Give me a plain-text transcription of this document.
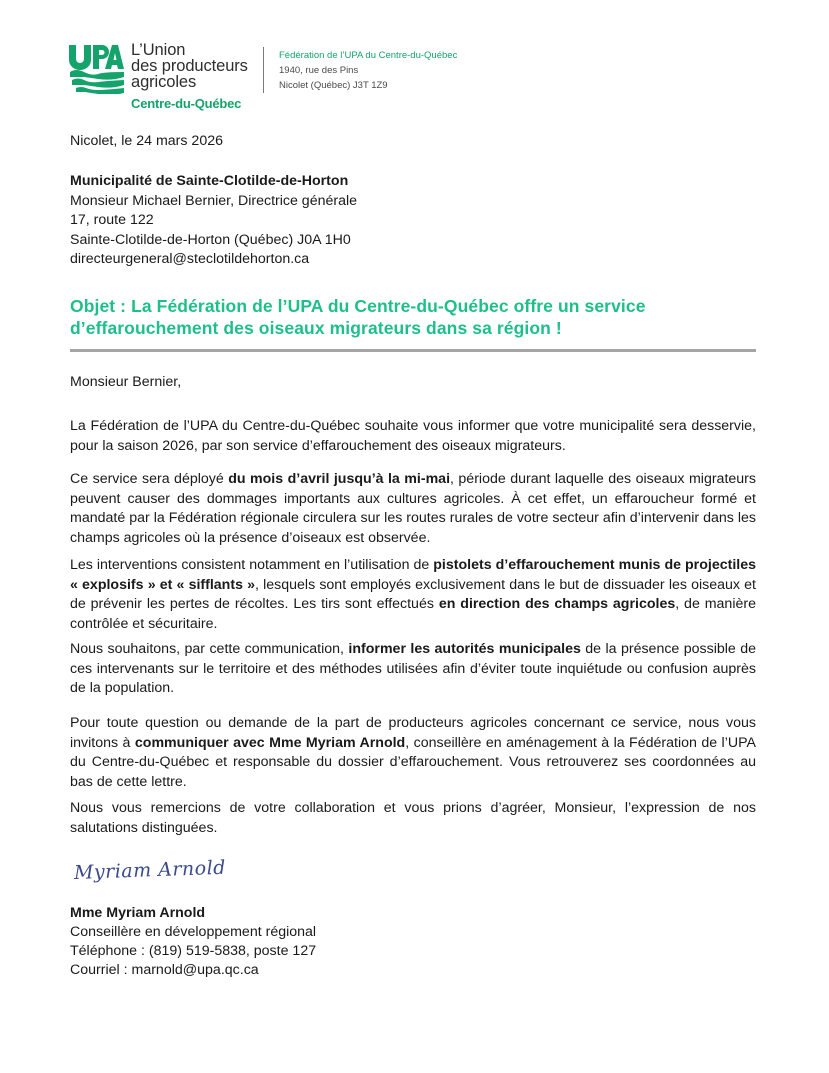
L’Union
des producteurs
agricoles
Centre-du-Québec
Fédération de l’UPA du Centre-du-Québec
1940, rue des Pins
Nicolet (Québec) J3T 1Z9
Nicolet, le 24 mars 2026
Municipalité de Sainte-Clotilde-de-Horton
Monsieur Michael Bernier, Directrice générale
17, route 122
Sainte-Clotilde-de-Horton (Québec) J0A 1H0
directeurgeneral@steclotildehorton.ca
Objet : La Fédération de l’UPA du Centre-du-Québec offre un service
d’effarouchement des oiseaux migrateurs dans sa région !
Monsieur Bernier,
La Fédération de l’UPA du Centre-du-Québec souhaite vous informer que votre municipalité sera desservie, pour la saison 2026, par son service d’effarouchement des oiseaux migrateurs.
Ce service sera déployé du mois d’avril jusqu’à la mi-mai, période durant laquelle des oiseaux migrateurs peuvent causer des dommages importants aux cultures agricoles. À cet effet, un effaroucheur formé et mandaté par la Fédération régionale circulera sur les routes rurales de votre secteur afin d’intervenir dans les champs agricoles où la présence d’oiseaux est observée.
Les interventions consistent notamment en l’utilisation de pistolets d’effarouchement munis de projectiles « explosifs » et « sifflants », lesquels sont employés exclusivement dans le but de dissuader les oiseaux et de prévenir les pertes de récoltes. Les tirs sont effectués en direction des champs agricoles, de manière contrôlée et sécuritaire.
Nous souhaitons, par cette communication, informer les autorités municipales de la présence possible de ces intervenants sur le territoire et des méthodes utilisées afin d’éviter toute inquiétude ou confusion auprès de la population.
Pour toute question ou demande de la part de producteurs agricoles concernant ce service, nous vous invitons à communiquer avec Mme Myriam Arnold, conseillère en aménagement à la Fédération de l’UPA du Centre-du-Québec et responsable du dossier d’effarouchement. Vous retrouverez ses coordonnées au bas de cette lettre.
Nous vous remercions de votre collaboration et vous prions d’agréer, Monsieur, l’expression de nos salutations distinguées.
Myriam Arnold
Mme Myriam Arnold
Conseillère en développement régional
Téléphone : (819) 519-5838, poste 127
Courriel : marnold@upa.qc.ca
